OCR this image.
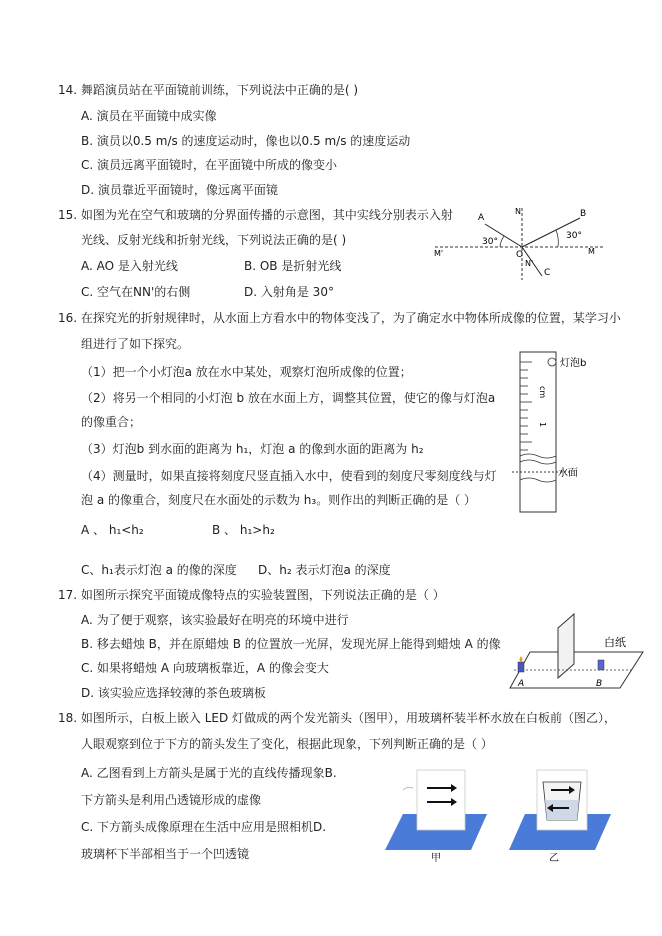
14. 舞蹈演员站在平面镜前训练，下列说法中正确的是( )
A. 演员在平面镜中成实像
B. 演员以0.5 m/s 的速度运动时，像也以0.5 m/s 的速度运动
C. 演员远离平面镜时，在平面镜中所成的像变小
D. 演员靠近平面镜时，像远离平面镜
15. 如图为光在空气和玻璃的分界面传播的示意图，其中实线分别表示入射
光线、反射光线和折射光线，下列说法正确的是( )
A. AO 是入射光线	B. OB 是折射光线
C. 空气在NN'的右侧	D. 入射角是 30°
A	B
C
O
N
N'
M
M'
30°
30°
16. 在探究光的折射规律时，从水面上方看水中的物体变浅了，为了确定水中物体所成像的位置，某学习小
组进行了如下探究。
（1）把一个小灯泡a 放在水中某处，观察灯泡所成像的位置；
（2）将另一个相同的小灯泡 b 放在水面上方，调整其位置，使它的像与灯泡a
的像重合；
（3）灯泡b 到水面的距离为 h₁，灯泡 a 的像到水面的距离为 h₂
（4）测量时，如果直接将刻度尺竖直插入水中，使看到的刻度尺零刻度线与灯
泡 a 的像重合，刻度尺在水面处的示数为 h₃。则作出的判断正确的是（ ）
A 、 h₁<h₂	B 、 h₁>h₂
C、h₁表示灯泡 a 的像的深度 D、h₂ 表示灯泡a 的深度
cm
1
灯泡b
水面
17. 如图所示探究平面镜成像特点的实验装置图，下列说法正确的是（ ）
A. 为了便于观察，该实验最好在明亮的环境中进行
B. 移去蜡烛 B，并在原蜡烛 B 的位置放一光屏，发现光屏上能得到蜡烛 A 的像
C. 如果将蜡烛 A 向玻璃板靠近，A 的像会变大
D. 该实验应选择较薄的茶色玻璃板
A	B
白纸
18. 如图所示，白板上嵌入 LED 灯做成的两个发光箭头（图甲），用玻璃杯装半杯水放在白板前（图乙），
人眼观察到位于下方的箭头发生了变化，根据此现象，下列判断正确的是（ ）
A. 乙图看到上方箭头是属于光的直线传播现象B.
下方箭头是利用凸透镜形成的虚像
C. 下方箭头成像原理在生活中应用是照相机D.
玻璃杯下半部相当于一个凹透镜	甲	乙
